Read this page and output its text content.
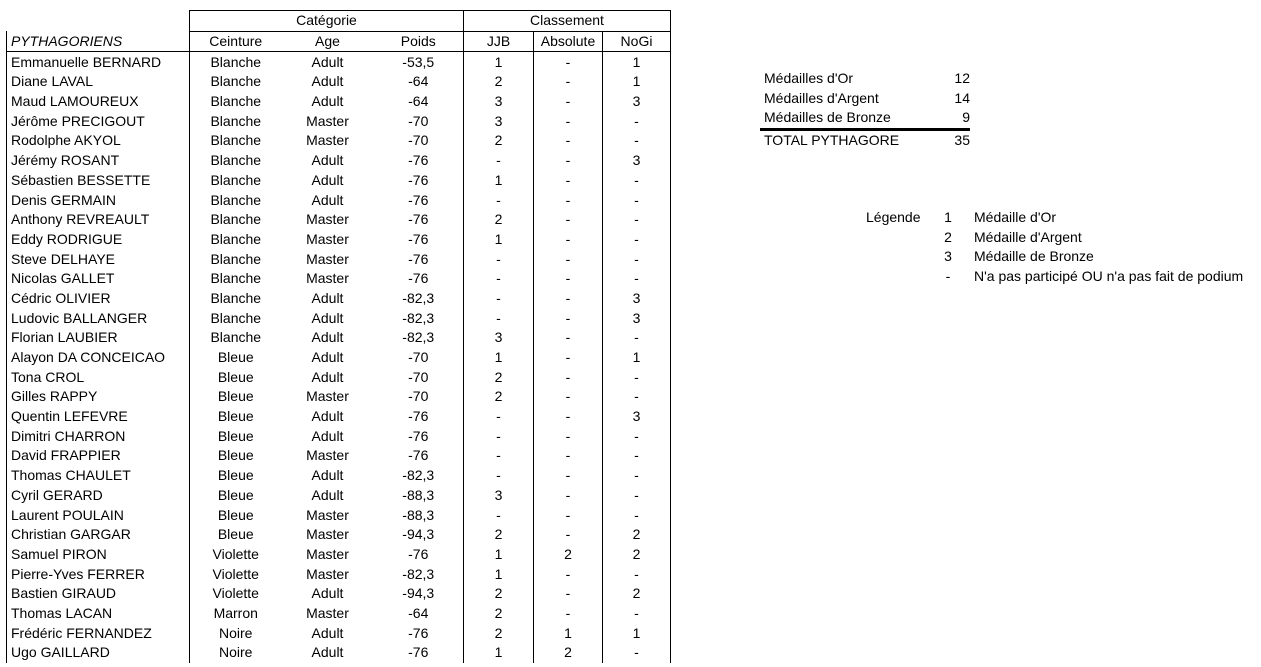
	Catégorie			Classement		
PYTHAGORIENS	Ceinture	Age	Poids	JJB	Absolute	NoGi
Emmanuelle BERNARD	Blanche	Adult	-53,5	1	-	1
Diane LAVAL	Blanche	Adult	-64	2	-	1
Maud LAMOUREUX	Blanche	Adult	-64	3	-	3
Jérôme PRECIGOUT	Blanche	Master	-70	3	-	-
Rodolphe AKYOL	Blanche	Master	-70	2	-	-
Jérémy ROSANT	Blanche	Adult	-76	-	-	3
Sébastien BESSETTE	Blanche	Adult	-76	1	-	-
Denis GERMAIN	Blanche	Adult	-76	-	-	-
Anthony REVREAULT	Blanche	Master	-76	2	-	-
Eddy RODRIGUE	Blanche	Master	-76	1	-	-
Steve DELHAYE	Blanche	Master	-76	-	-	-
Nicolas GALLET	Blanche	Master	-76	-	-	-
Cédric OLIVIER	Blanche	Adult	-82,3	-	-	3
Ludovic BALLANGER	Blanche	Adult	-82,3	-	-	3
Florian LAUBIER	Blanche	Adult	-82,3	3	-	-
Alayon DA CONCEICAO	Bleue	Adult	-70	1	-	1
Tona CROL	Bleue	Adult	-70	2	-	-
Gilles RAPPY	Bleue	Master	-70	2	-	-
Quentin LEFEVRE	Bleue	Adult	-76	-	-	3
Dimitri CHARRON	Bleue	Adult	-76	-	-	-
David FRAPPIER	Bleue	Master	-76	-	-	-
Thomas CHAULET	Bleue	Adult	-82,3	-	-	-
Cyril GERARD	Bleue	Adult	-88,3	3	-	-
Laurent POULAIN	Bleue	Master	-88,3	-	-	-
Christian GARGAR	Bleue	Master	-94,3	2	-	2
Samuel PIRON	Violette	Master	-76	1	2	2
Pierre-Yves FERRER	Violette	Master	-82,3	1	-	-
Bastien GIRAUD	Violette	Adult	-94,3	2	-	2
Thomas LACAN	Marron	Master	-64	2	-	-
Frédéric FERNANDEZ	Noire	Adult	-76	2	1	1
Ugo GAILLARD	Noire	Adult	-76	1	2	-
Médailles d'Or	12
Médailles d'Argent	14
Médailles de Bronze	9
TOTAL PYTHAGORE	35
Légende 1 Médaille d'Or
2 Médaille d'Argent
3 Médaille de Bronze
-	N'a pas participé OU n'a pas fait de podium
